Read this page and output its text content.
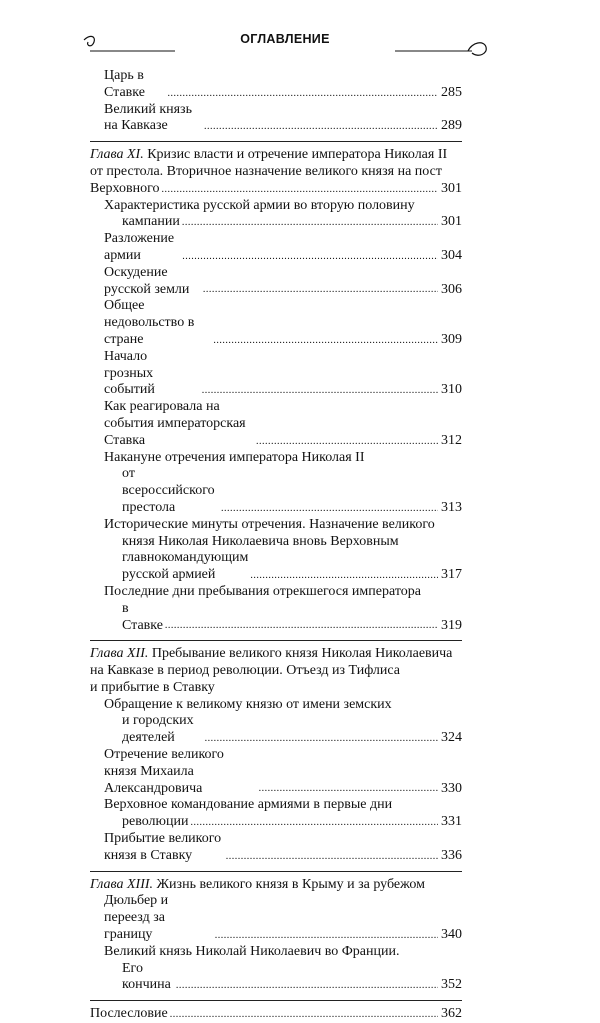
ОГЛАВЛЕНИЕ
Царь в Ставке . . .	285
Великий князь на Кавказе . . .	289
Глава XI. Кризис власти и отречение императора Николая II
от престола. Вторичное назначение великого князя на пост
Верховного . . .	301
Характеристика русской армии во вторую половину
кампании . . .	301
Разложение армии . . .	304
Оскудение русской земли . . .	306
Общее недовольство в стране . . .	309
Начало грозных событий . . .	310
Как реагировала на события императорская Ставка . . .	312
Накануне отречения императора Николая II
от всероссийского престола . . .	313
Исторические минуты отречения. Назначение великого
князя Николая Николаевича вновь Верховным
главнокомандующим русской армией . . .	317
Последние дни пребывания отрекшегося императора
в Ставке . . .	319
Глава XII. Пребывание великого князя Николая Николаевича
на Кавказе в период революции. Отъезд из Тифлиса
и прибытие в Ставку
Обращение к великому князю от имени земских
и городских деятелей . . .	324
Отречение великого князя Михаила Александровича . . .	330
Верховное командование армиями в первые дни
революции . . .	331
Прибытие великого князя в Ставку . . .	336
Глава XIII. Жизнь великого князя в Крыму и за рубежом
Дюльбер и переезд за границу . . .	340
Великий князь Николай Николаевич во Франции.
Его кончина . . .	352
Послесловие . . .	362
